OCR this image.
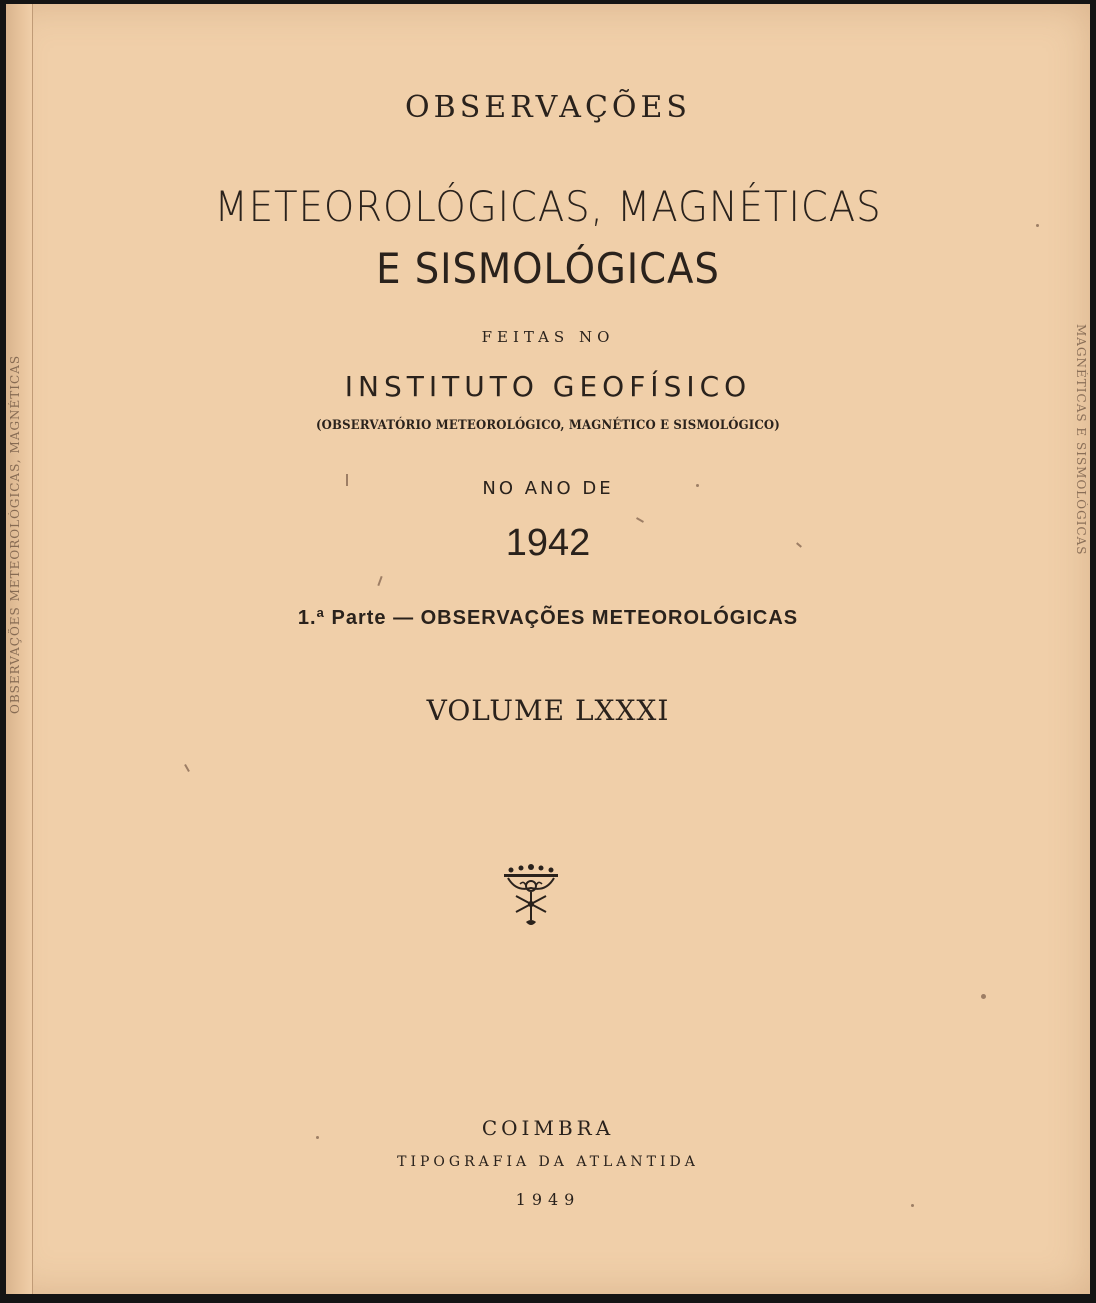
OBSERVAÇÕES METEOROLÓGICAS, MAGNÉTICAS	MAGNÉTICAS E SISMOLÓGICAS
OBSERVAÇÕES
METEOROLÓGICAS, MAGNÉTICAS
E SISMOLÓGICAS
FEITAS NO
INSTITUTO GEOFÍSICO
(OBSERVATÓRIO METEOROLÓGICO, MAGNÉTICO E SISMOLÓGICO)
NO ANO DE
1942
1.ª Parte — OBSERVAÇÕES METEOROLÓGICAS
VOLUME LXXXI
COIMBRA
TIPOGRAFIA DA ATLANTIDA
1949
